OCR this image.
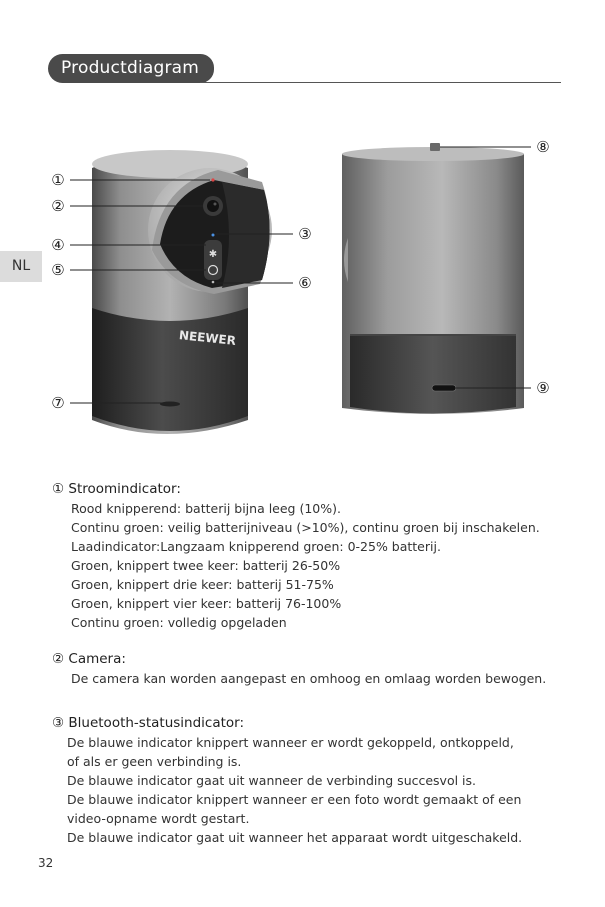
Productdiagram
NL
✱
NEEWER
①
②
③
④
⑤
⑥
⑦
⑧
⑨
① Stroomindicator:
Rood knipperend: batterij bijna leeg (10%).
Continu groen: veilig batterijniveau (>10%), continu groen bij inschakelen.
Laadindicator:Langzaam knipperend groen: 0-25% batterij.
Groen, knippert twee keer: batterij 26-50%
Groen, knippert drie keer: batterij 51-75%
Groen, knippert vier keer: batterij 76-100%
Continu groen: volledig opgeladen
② Camera:
De camera kan worden aangepast en omhoog en omlaag worden bewogen.
③ Bluetooth-statusindicator:
De blauwe indicator knippert wanneer er wordt gekoppeld, ontkoppeld,
of als er geen verbinding is.
De blauwe indicator gaat uit wanneer de verbinding succesvol is.
De blauwe indicator knippert wanneer er een foto wordt gemaakt of een
video-opname wordt gestart.
De blauwe indicator gaat uit wanneer het apparaat wordt uitgeschakeld.
32
